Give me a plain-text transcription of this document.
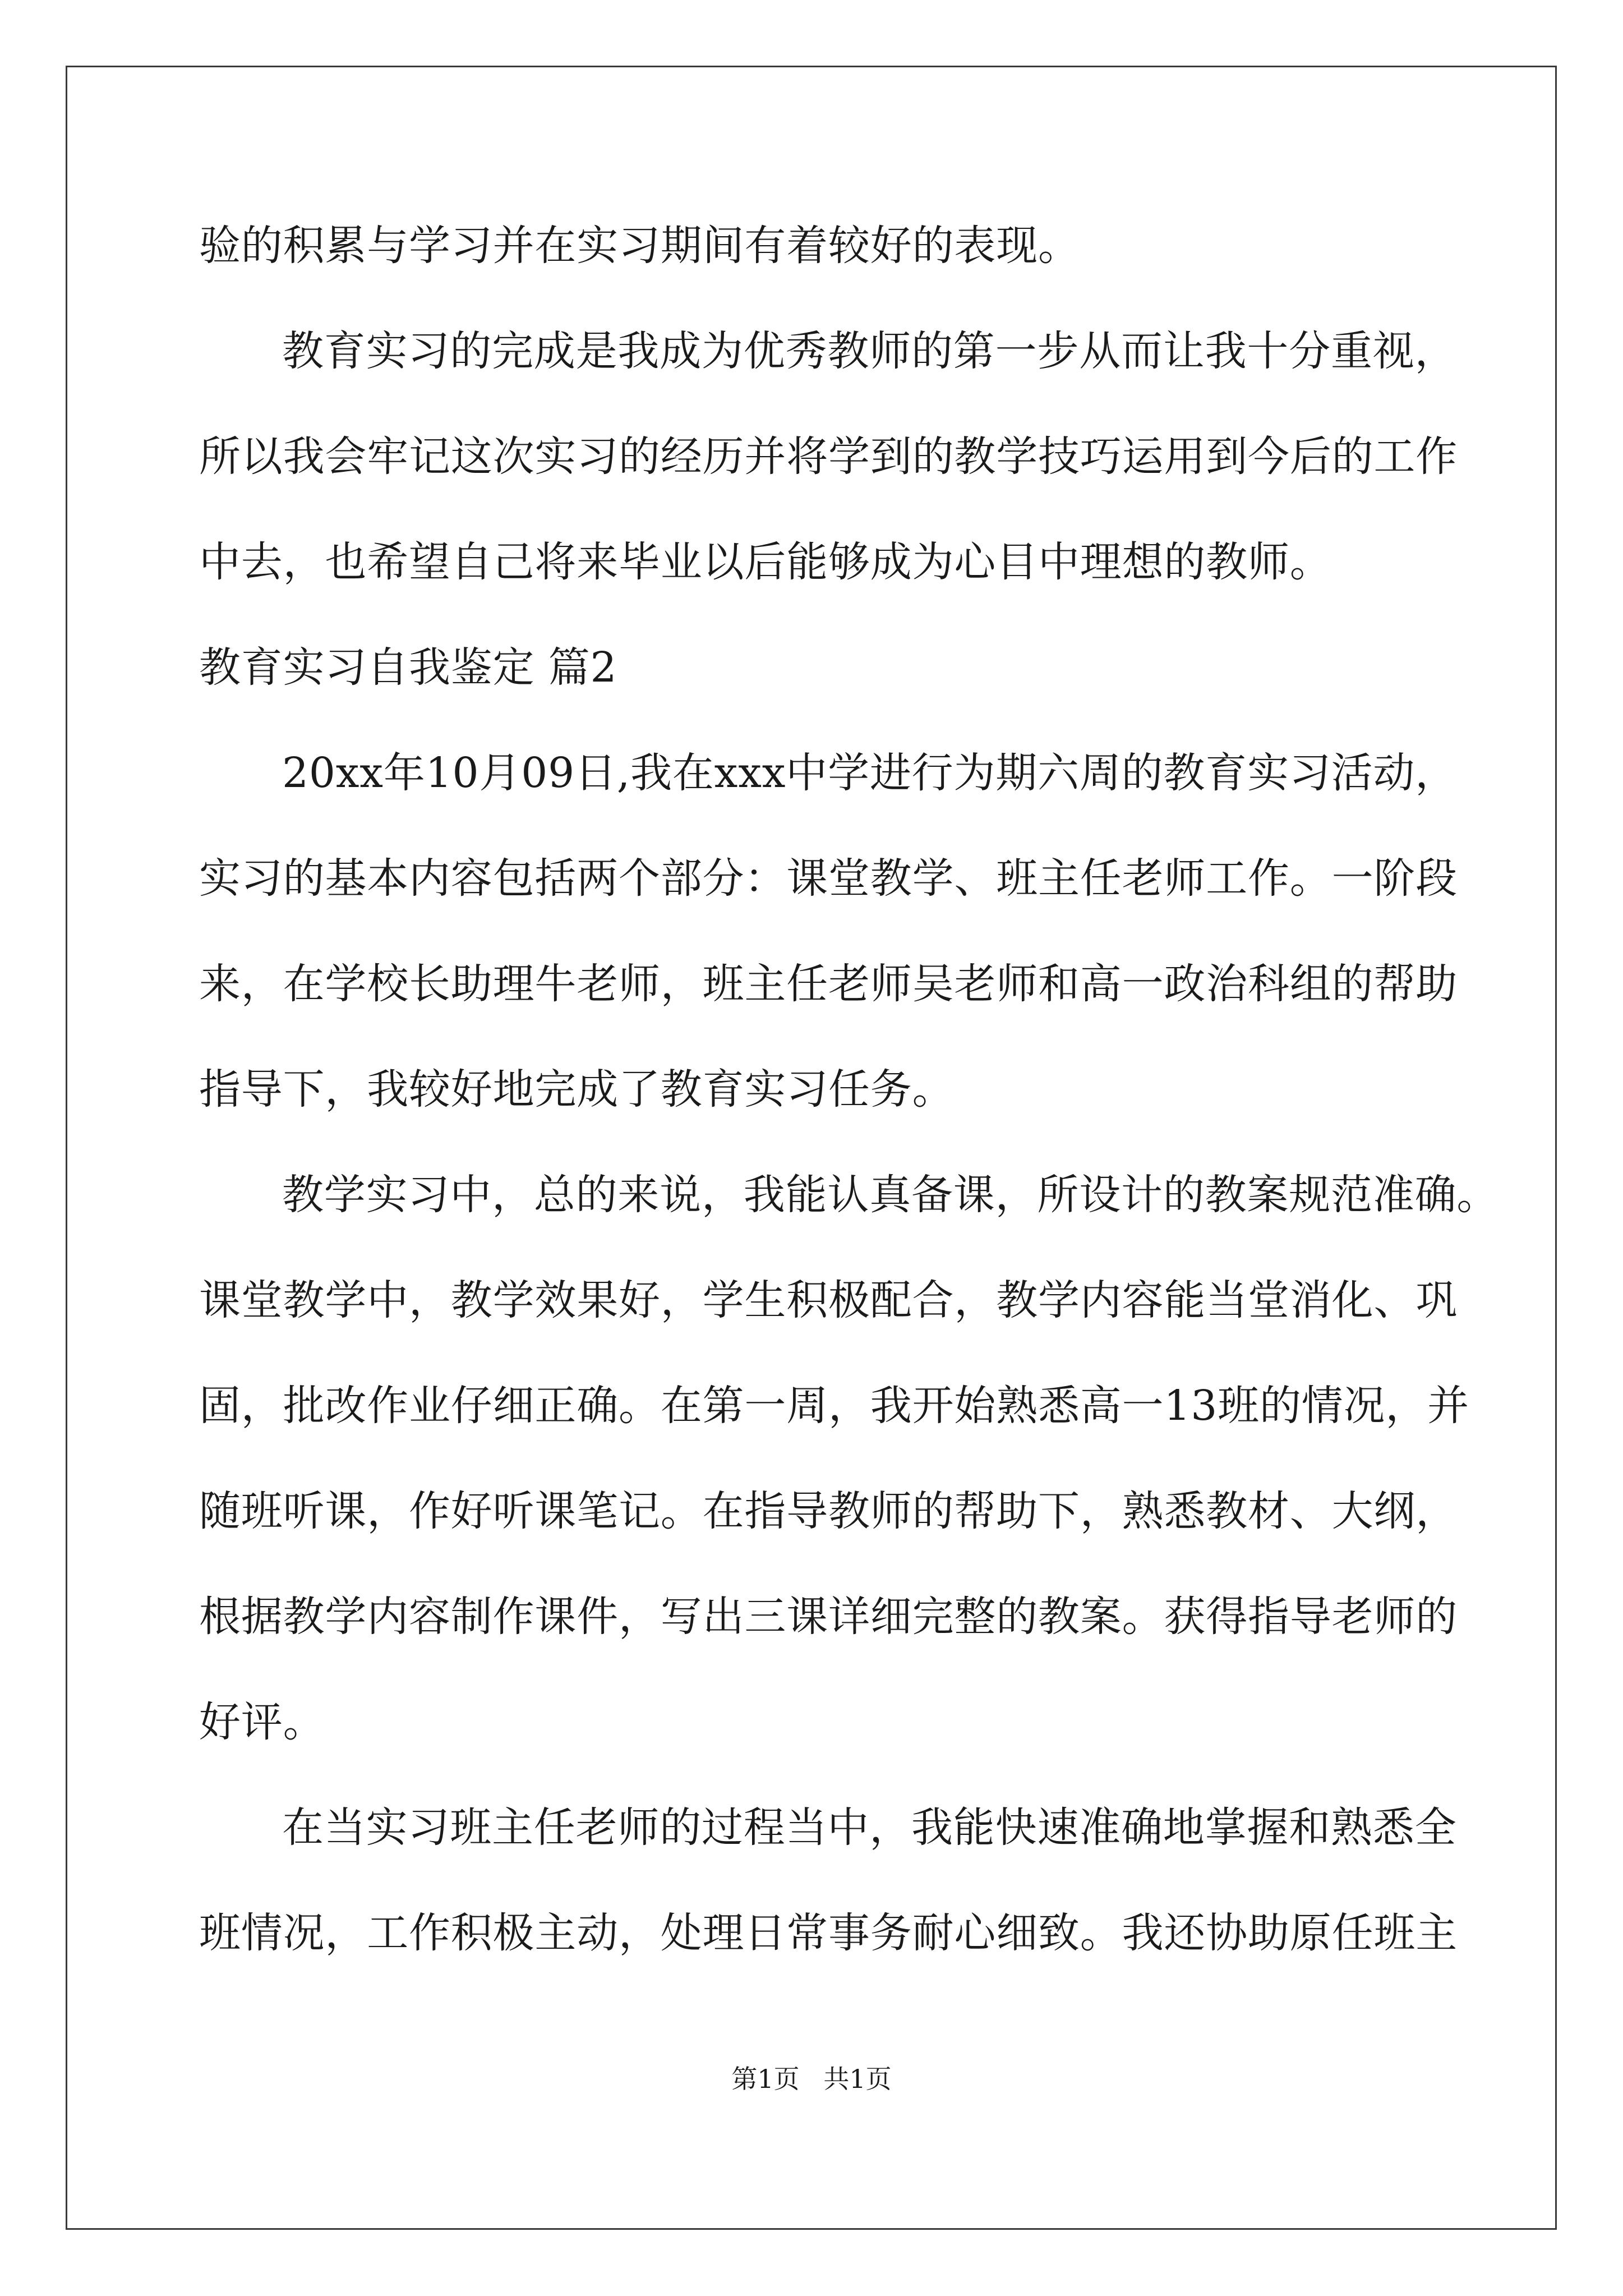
验的积累与学习并在实习期间有着较好的表现。
教育实习的完成是我成为优秀教师的第一步从而让我十分重视，
所以我会牢记这次实习的经历并将学到的教学技巧运用到今后的工作
中去，也希望自己将来毕业以后能够成为心目中理想的教师。
教育实习自我鉴定 篇2
20xx年10月09日,我在xxx中学进行为期六周的教育实习活动，
实习的基本内容包括两个部分：课堂教学、班主任老师工作。一阶段
来，在学校长助理牛老师，班主任老师吴老师和高一政治科组的帮助
指导下，我较好地完成了教育实习任务。
教学实习中，总的来说，我能认真备课，所设计的教案规范准确。
课堂教学中，教学效果好，学生积极配合，教学内容能当堂消化、巩
固，批改作业仔细正确。在第一周，我开始熟悉高一13班的情况，并
随班听课，作好听课笔记。在指导教师的帮助下，熟悉教材、大纲，
根据教学内容制作课件，写出三课详细完整的教案。获得指导老师的
好评。
在当实习班主任老师的过程当中，我能快速准确地掌握和熟悉全
班情况，工作积极主动，处理日常事务耐心细致。我还协助原任班主
第1页 共1页
